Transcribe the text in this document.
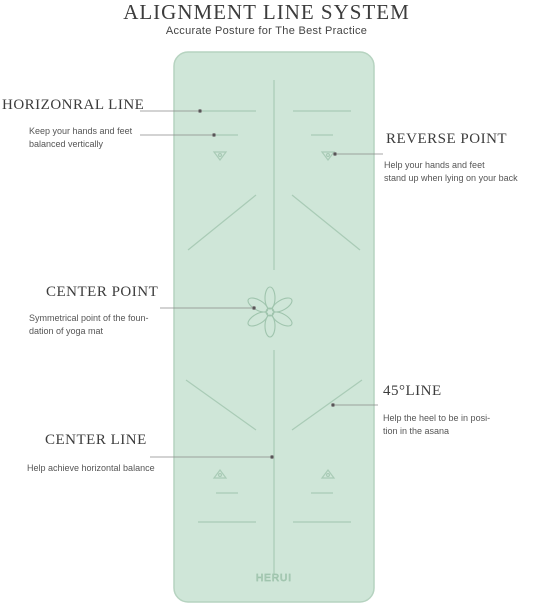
ALIGNMENT LINE SYSTEM
Accurate Posture for The Best Practice
HERUI
HORIZONRAL LINE
Keep your hands and feet
balanced vertically	REVERSE POINT
Help your hands and feet
stand up when lying on your back
CENTER POINT
Symmetrical point of the foun-
dation of yoga mat
45°LINE
Help the heel to be in posi-
tion in the asana
CENTER LINE
Help achieve horizontal balance
